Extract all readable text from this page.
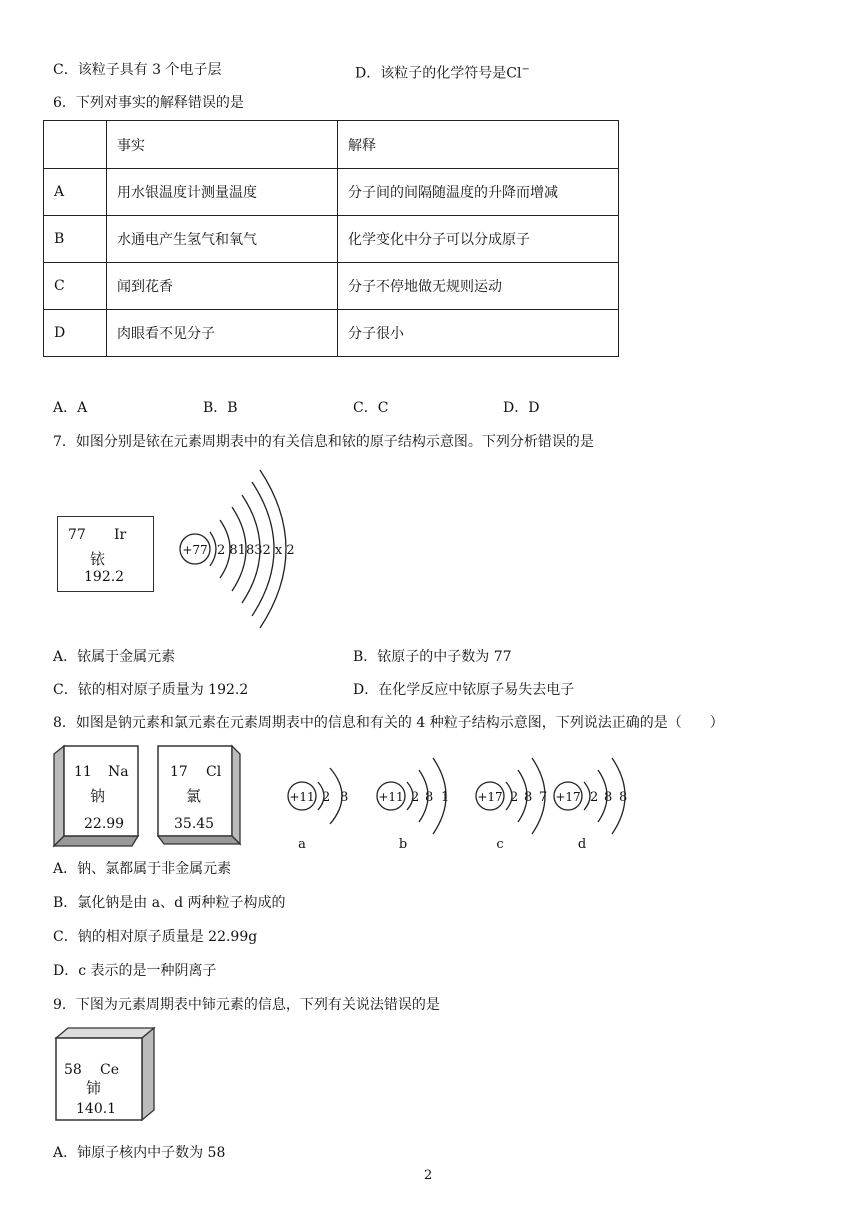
C．该粒子具有 3 个电子层	D．该粒子的化学符号是Cl−
6．下列对事实的解释错误的是
	事实	解释
A	用水银温度计测量温度	分子间的间隔随温度的升降而增减
B	水通电产生氢气和氧气	化学变化中分子可以分成原子
C	闻到花香	分子不停地做无规则运动
D	肉眼看不见分子	分子很小
A．A	B．B	C．C	D．D
7．如图分别是铱在元素周期表中的有关信息和铱的原子结构示意图。下列分析错误的是
77 Ir
铱
192.2
+77 2 81832 x 2
A．铱属于金属元素	B．铱原子的中子数为 77
C．铱的相对原子质量为 192.2	D．在化学反应中铱原子易失去电子
8．如图是钠元素和氯元素在元素周期表中的信息和有关的 4 种粒子结构示意图，下列说法正确的是（　　）
11 Na
钠
22.99
17 Cl
氯
35.45
+11 2 8
a
+11 2 8 1
b
+17 2 8 7
c
+17 2 8 8
d
A．钠、氯都属于非金属元素
B．氯化钠是由 a、d 两种粒子构成的
C．钠的相对原子质量是 22.99g
D．c 表示的是一种阴离子
9．下图为元素周期表中铈元素的信息，下列有关说法错误的是
58 Ce
铈
140.1
A．铈原子核内中子数为 58
2
